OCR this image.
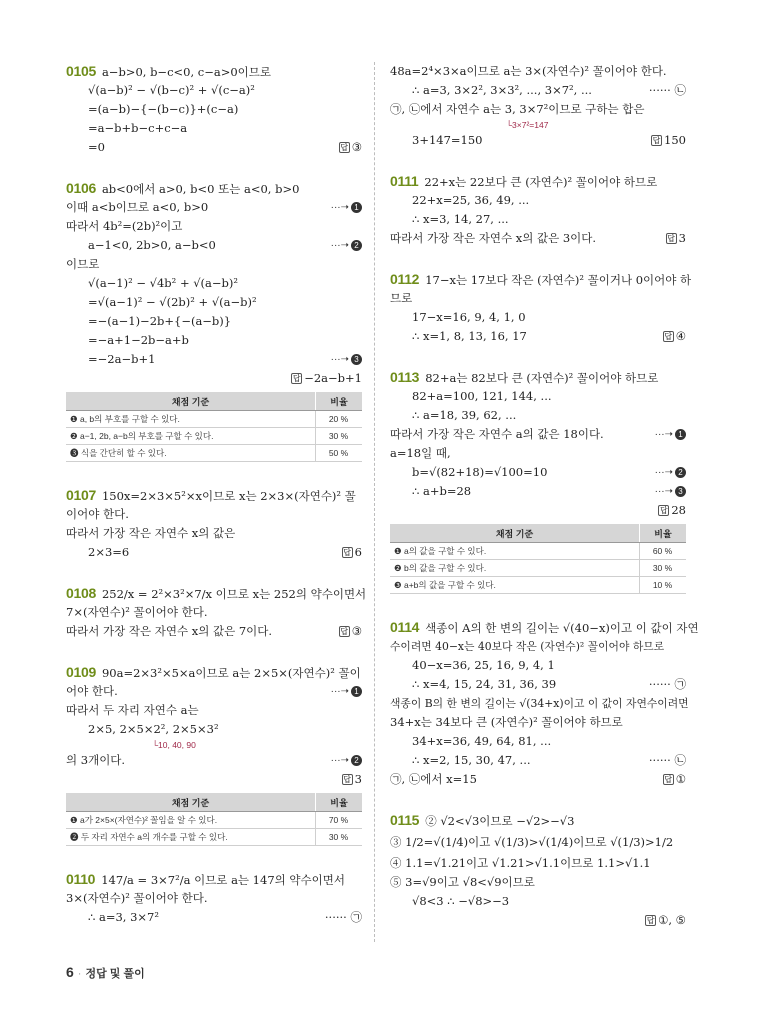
0105 a−b>0, b−c<0, c−a>0이므로
√(a−b)² − √(b−c)² + √(c−a)²
=(a−b)−{−(b−c)}+(c−a)
=a−b+b−c+c−a
=0	답 ③
0106 ab<0에서 a>0, b<0 또는 a<0, b>0
이때 a<b이므로 a<0, b>0	···➝ 1
따라서 4b²=(2b)²이고
a−1<0, 2b>0, a−b<0	···➝ 2
이므로
√(a−1)² − √4b² + √(a−b)²
=√(a−1)² − √(2b)² + √(a−b)²
=−(a−1)−2b+{−(a−b)}
=−a+1−2b−a+b
=−2a−b+1	···➝ 3
답 −2a−b+1
채점 기준	비율
❶ a, b의 부호를 구할 수 있다.	20 %
❷ a−1, 2b, a−b의 부호를 구할 수 있다.	30 %
❸ 식을 간단히 할 수 있다.	50 %
0107 150x=2×3×5²×x이므로 x는 2×3×(자연수)² 꼴
이어야 한다.
따라서 가장 작은 자연수 x의 값은
2×3=6	답 6
0108 252/x = 2²×3²×7/x 이므로 x는 252의 약수이면서
7×(자연수)² 꼴이어야 한다.
따라서 가장 작은 자연수 x의 값은 7이다.	답 ③
0109 90a=2×3²×5×a이므로 a는 2×5×(자연수)² 꼴이
어야 한다.	···➝ 1
따라서 두 자리 자연수 a는
2×5, 2×5×2², 2×5×3²
└10, 40, 90
의 3개이다.	···➝ 2
답 3
채점 기준	비율
❶ a가 2×5×(자연수)² 꼴임을 알 수 있다.	70 %
❷ 두 자리 자연수 a의 개수를 구할 수 있다.	30 %
0110 147/a = 3×7²/a 이므로 a는 147의 약수이면서
3×(자연수)² 꼴이어야 한다.
∴ a=3, 3×7²	······ ㉠
48a=2⁴×3×a이므로 a는 3×(자연수)² 꼴이어야 한다.
∴ a=3, 3×2², 3×3², ..., 3×7², ...	······ ㉡
㉠, ㉡에서 자연수 a는 3, 3×7²이므로 구하는 합은
└3×7²=147
3+147=150	답 150
0111 22+x는 22보다 큰 (자연수)² 꼴이어야 하므로
22+x=25, 36, 49, ...
∴ x=3, 14, 27, ...
따라서 가장 작은 자연수 x의 값은 3이다.	답 3
0112 17−x는 17보다 작은 (자연수)² 꼴이거나 0이어야 하
므로
17−x=16, 9, 4, 1, 0
∴ x=1, 8, 13, 16, 17	답 ④
0113 82+a는 82보다 큰 (자연수)² 꼴이어야 하므로
82+a=100, 121, 144, ...
∴ a=18, 39, 62, ...
따라서 가장 작은 자연수 a의 값은 18이다.	···➝ 1
a=18일 때,
b=√(82+18)=√100=10	···➝ 2
∴ a+b=28	···➝ 3
답 28
채점 기준	비율
❶ a의 값을 구할 수 있다.	60 %
❷ b의 값을 구할 수 있다.	30 %
❸ a+b의 값을 구할 수 있다.	10 %
0114 색종이 A의 한 변의 길이는 √(40−x)이고 이 값이 자연
수이려면 40−x는 40보다 작은 (자연수)² 꼴이어야 하므로
40−x=36, 25, 16, 9, 4, 1
∴ x=4, 15, 24, 31, 36, 39	······ ㉠
색종이 B의 한 변의 길이는 √(34+x)이고 이 값이 자연수이려면
34+x는 34보다 큰 (자연수)² 꼴이어야 하므로
34+x=36, 49, 64, 81, ...
∴ x=2, 15, 30, 47, ...	······ ㉡
㉠, ㉡에서 x=15	답 ①
0115 ② √2<√3이므로 −√2>−√3
③ 1/2=√(1/4)이고 √(1/3)>√(1/4)이므로 √(1/3)>1/2
④ 1.1=√1.21이고 √1.21>√1.1이므로 1.1>√1.1
⑤ 3=√9이고 √8<√9이므로
√8<3 ∴ −√8>−3
답 ①, ⑤
6 · 정답 및 풀이
